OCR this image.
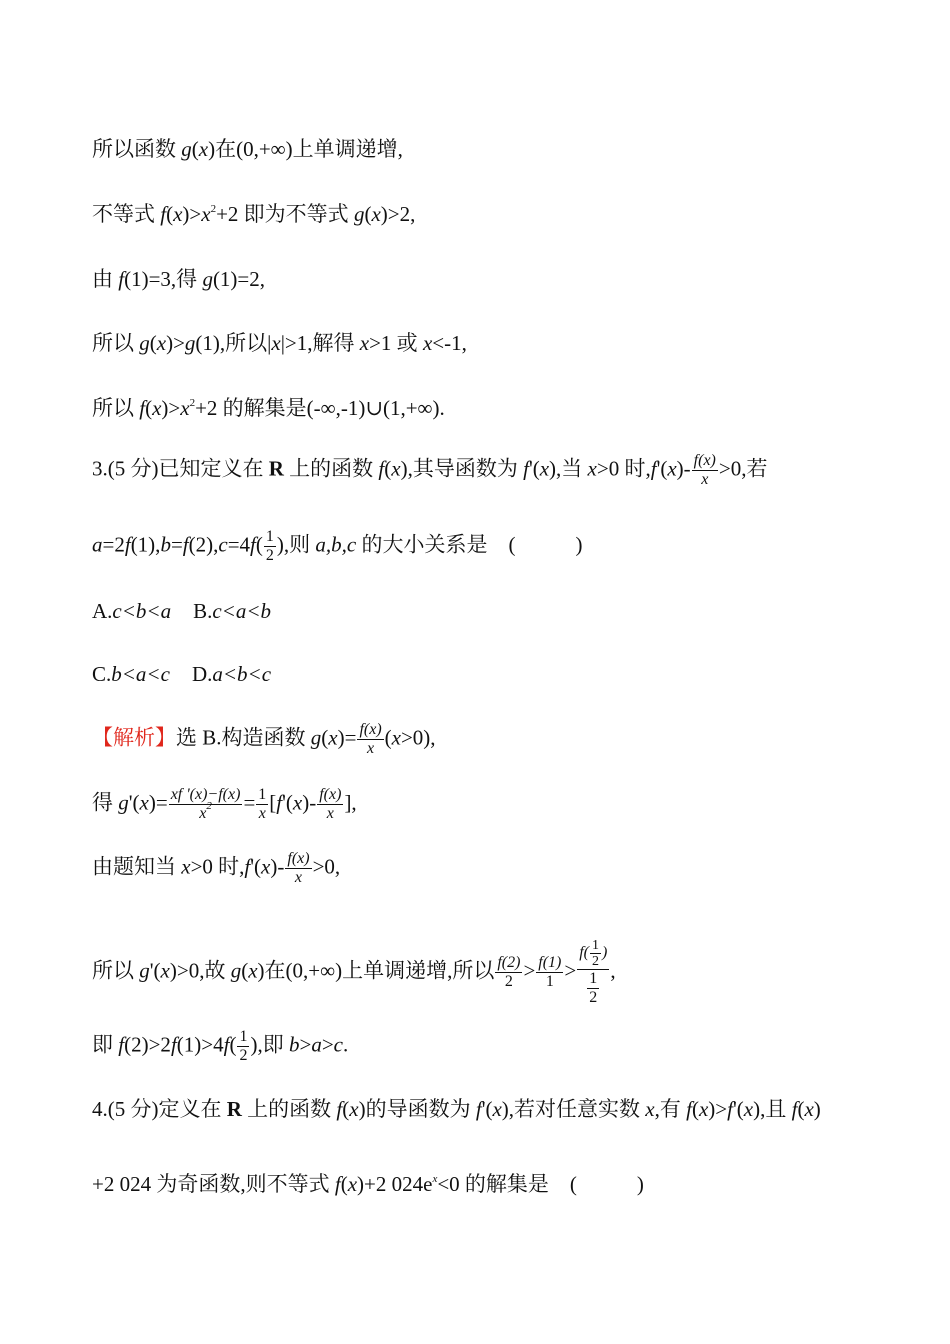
所以函数 g(x)在(0,+∞)上单调递增,
不等式 $f(x)>x^2+2$ 即为不等式 g(x)>2,
由 f(1)=3,得 g(1)=2,
所以 g(x)>g(1),所以|x|>1,解得 x>1 或 x<-1,
所以 $f(x)>x^2+2$ 的解集是(-∞,-1)∪(1,+∞).
3.(5 分)已知定义在 R 上的函数 f(x),其导函数为 f'(x),当 x>0 时$,f'(x)- \frac{f(x)}{x} >0$,若
$a=2f(1),b=f(2),c=4f( \frac{1}{2}$ ),则 a,b,c 的大小关系是　(	)
A.c<b<a B.c<a<b
C.b<a<c D.a<b<c
【解析】选 B.构造函数 $g(x)= \frac{f(x)}{x} (x>0)$,
得 $g'(x)= \frac{xf '(x)-f(x)}{x^2} = \frac{1}{x} [f'(x)- \frac{f(x)}{x}$ ],
由题知当 x>0 时$,f'(x)- \frac{f(x)}{x} >0$,
所以 g'(x)>0,故 g(x)在(0,+∞)上单调递增,所以 $\frac{f(2)}{2} > \frac{f(1)}{1} > \frac{f( \frac{1}{2} )}{\frac{1}{2}}$ ,
即 $f(2)>2f(1)>4f( \frac{1}{2}$ ),即 b>a>c.
4.(5 分)定义在 R 上的函数 f(x)的导函数为 f'(x),若对任意实数 x,有 f(x)>f'(x),且 f(x)
+2 024 为奇函数,则不等式 f(x)+2 $024e^x<0$ 的解集是　(	)
